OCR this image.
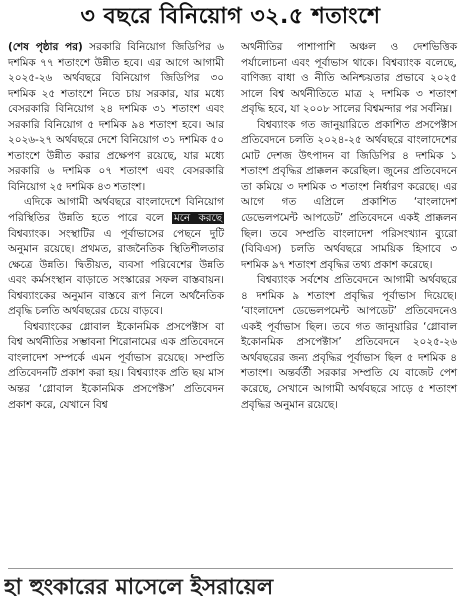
৩ বছরে বিনিয়োগ ৩২.৫ শতাংশে

(শেষ পৃষ্ঠার পর) সরকারি বিনিয়োগ জিডিপির ৬ দশমিক ৭৭ শতাংশে উন্নীত হবে। এর আগে আগামী ২০২৫-২৬ অর্থবছরে বিনিয়োগ জিডিপির ৩০ দশমিক ২৫ শতাংশে নিতে চায় সরকার, যার মধ্যে বেসরকারি বিনিয়োগ ২৪ দশমিক ৩১ শতাংশ এবং সরকারি বিনিয়োগ ৫ দশমিক ৯৪ শতাংশ হবে। আর ২০২৬-২৭ অর্থবছরে দেশে বিনিয়োগ ৩১ দশমিক ৫০ শতাংশে উন্নীত করার প্রক্ষেপণ রয়েছে, যার মধ্যে সরকারি ৬ দশমিক ০৭ শতাংশ এবং বেসরকারি বিনিয়োগ ২৫ দশমিক ৪৩ শতাংশ।

এদিকে আগামী অর্থবছরে বাংলাদেশে বিনিয়োগ পরিস্থিতির উন্নতি হতে পারে বলে মনে করছে বিশ্বব্যাংক। সংস্থাটির এ পূর্বাভাসের পেছনে দুটি অনুমান রয়েছে। প্রথমত, রাজনৈতিক স্থিতিশীলতার ক্ষেত্রে উন্নতি। দ্বিতীয়ত, ব্যবসা পরিবেশের উন্নতি এবং কর্মসংস্থান বাড়াতে সংস্কারের সফল বাস্তবায়ন। বিশ্বব্যাংকের অনুমান বাস্তবে রূপ নিলে অর্থনৈতিক প্রবৃদ্ধি চলতি অর্থবছরের চেয়ে বাড়বে।

বিশ্বব্যাংকের গ্লোবাল ইকোনমিক প্রসপেক্টাস বা বিশ্ব অর্থনীতির সম্ভাবনা শিরোনামের এক প্রতিবেদনে বাংলাদেশ সম্পর্কে এমন পূর্বাভাস রয়েছে। সম্প্রতি প্রতিবেদনটি প্রকাশ করা হয়। বিশ্বব্যাংক প্রতি ছয় মাস অন্তর ‘গ্লোবাল ইকোনমিক প্রসপেক্টস’ প্রতিবেদন প্রকাশ করে, যেখানে বিশ্ব

অর্থনীতির পাশাপাশি অঞ্চল ও দেশভিত্তিক পর্যালোচনা এবং পূর্বাভাস থাকে। বিশ্বব্যাংক বলেছে, বাণিজ্য বাধা ও নীতি অনিশ্চয়তার প্রভাবে ২০২৫ সালে বিশ্ব অর্থনীতিতে মাত্র ২ দশমিক ৩ শতাংশ প্রবৃদ্ধি হবে, যা ২০০৮ সালের বিশ্বমন্দার পর সর্বনিম্ন।

বিশ্বব্যাংক গত জানুয়ারিতে প্রকাশিত প্রসপেক্টাস প্রতিবেদনে চলতি ২০২৪-২৫ অর্থবছরে বাংলাদেশের মোট দেশজ উৎপাদন বা জিডিপির ৪ দশমিক ১ শতাংশ প্রবৃদ্ধির প্রাক্কলন করেছিল। জুনের প্রতিবেদনে তা কমিয়ে ৩ দশমিক ৩ শতাংশ নির্ধারণ করেছে। এর আগে গত এপ্রিলে প্রকাশিত ‘বাংলাদেশ ডেভেলপমেন্ট আপডেট’ প্রতিবেদনে একই প্রাক্কলন ছিল। তবে সম্প্রতি বাংলাদেশ পরিসংখ্যান ব্যুরো (বিবিএস) চলতি অর্থবছরে সাময়িক হিসাবে ৩ দশমিক ৯৭ শতাংশ প্রবৃদ্ধির তথ্য প্রকাশ করেছে।

বিশ্বব্যাংক সর্বশেষ প্রতিবেদনে আগামী অর্থবছরে ৪ দশমিক ৯ শতাংশ প্রবৃদ্ধির পূর্বাভাস দিয়েছে। ‘বাংলাদেশ ডেভেলপমেন্ট আপডেট’ প্রতিবেদনেও একই পূর্বাভাস ছিল। তবে গত জানুয়ারির ‘গ্লোবাল ইকোনমিক প্রসপেক্টাস’ প্রতিবেদনে ২০২৫-২৬ অর্থবছরের জন্য প্রবৃদ্ধির পূর্বাভাস ছিল ৫ দশমিক ৪ শতাংশ। অন্তর্বর্তী সরকার সম্প্রতি যে বাজেট পেশ করেছে, সেখানে আগামী অর্থবছরে সাড়ে ৫ শতাংশ প্রবৃদ্ধির অনুমান রয়েছে।

হা হুংকারের মাসেলে ইসরায়েল
